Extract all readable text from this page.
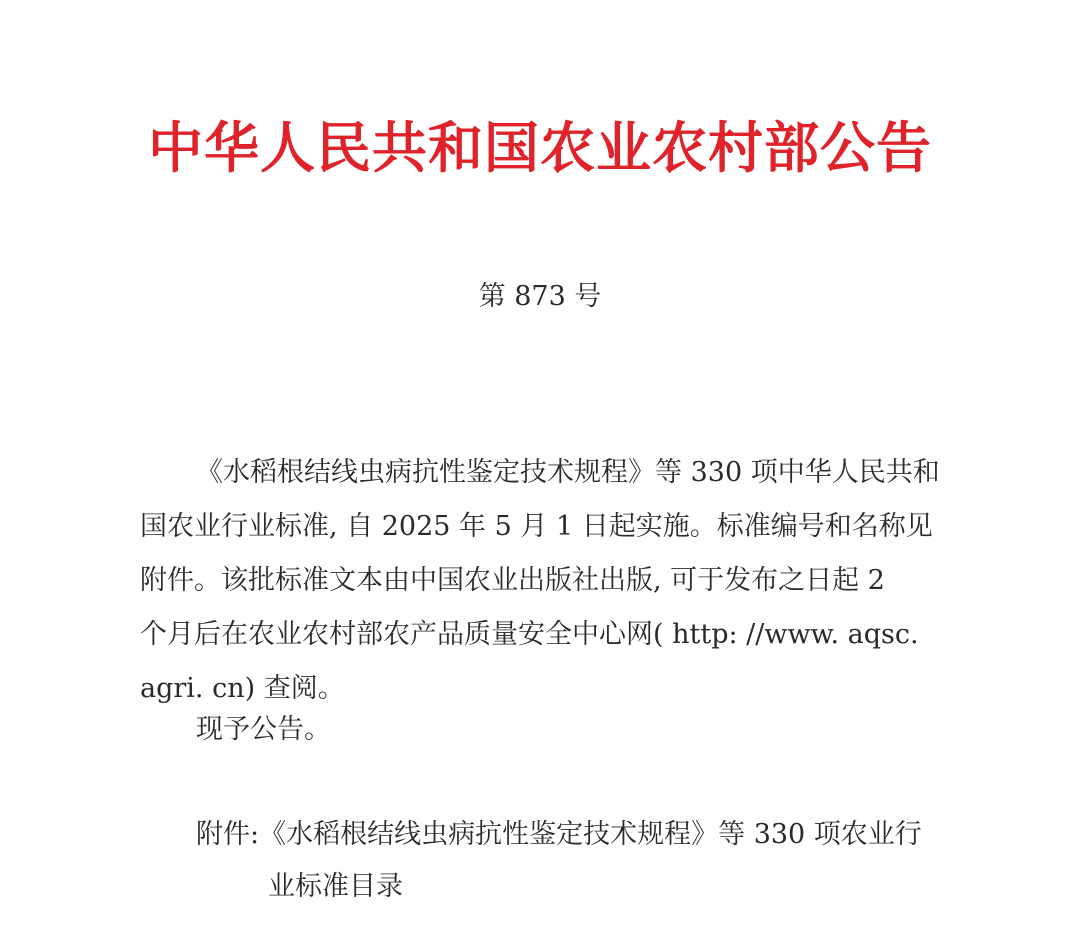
中华人民共和国农业农村部公告
第 873 号
《水稻根结线虫病抗性鉴定技术规程》等 330 项中华人民共和
国农业行业标准, 自 2025 年 5 月 1 日起实施。标准编号和名称见
附件。该批标准文本由中国农业出版社出版, 可于发布之日起 2
个月后在农业农村部农产品质量安全中心网( http: //www. aqsc.
agri. cn) 查阅。
现予公告。
附件:《水稻根结线虫病抗性鉴定技术规程》等 330 项农业行
业标准目录
